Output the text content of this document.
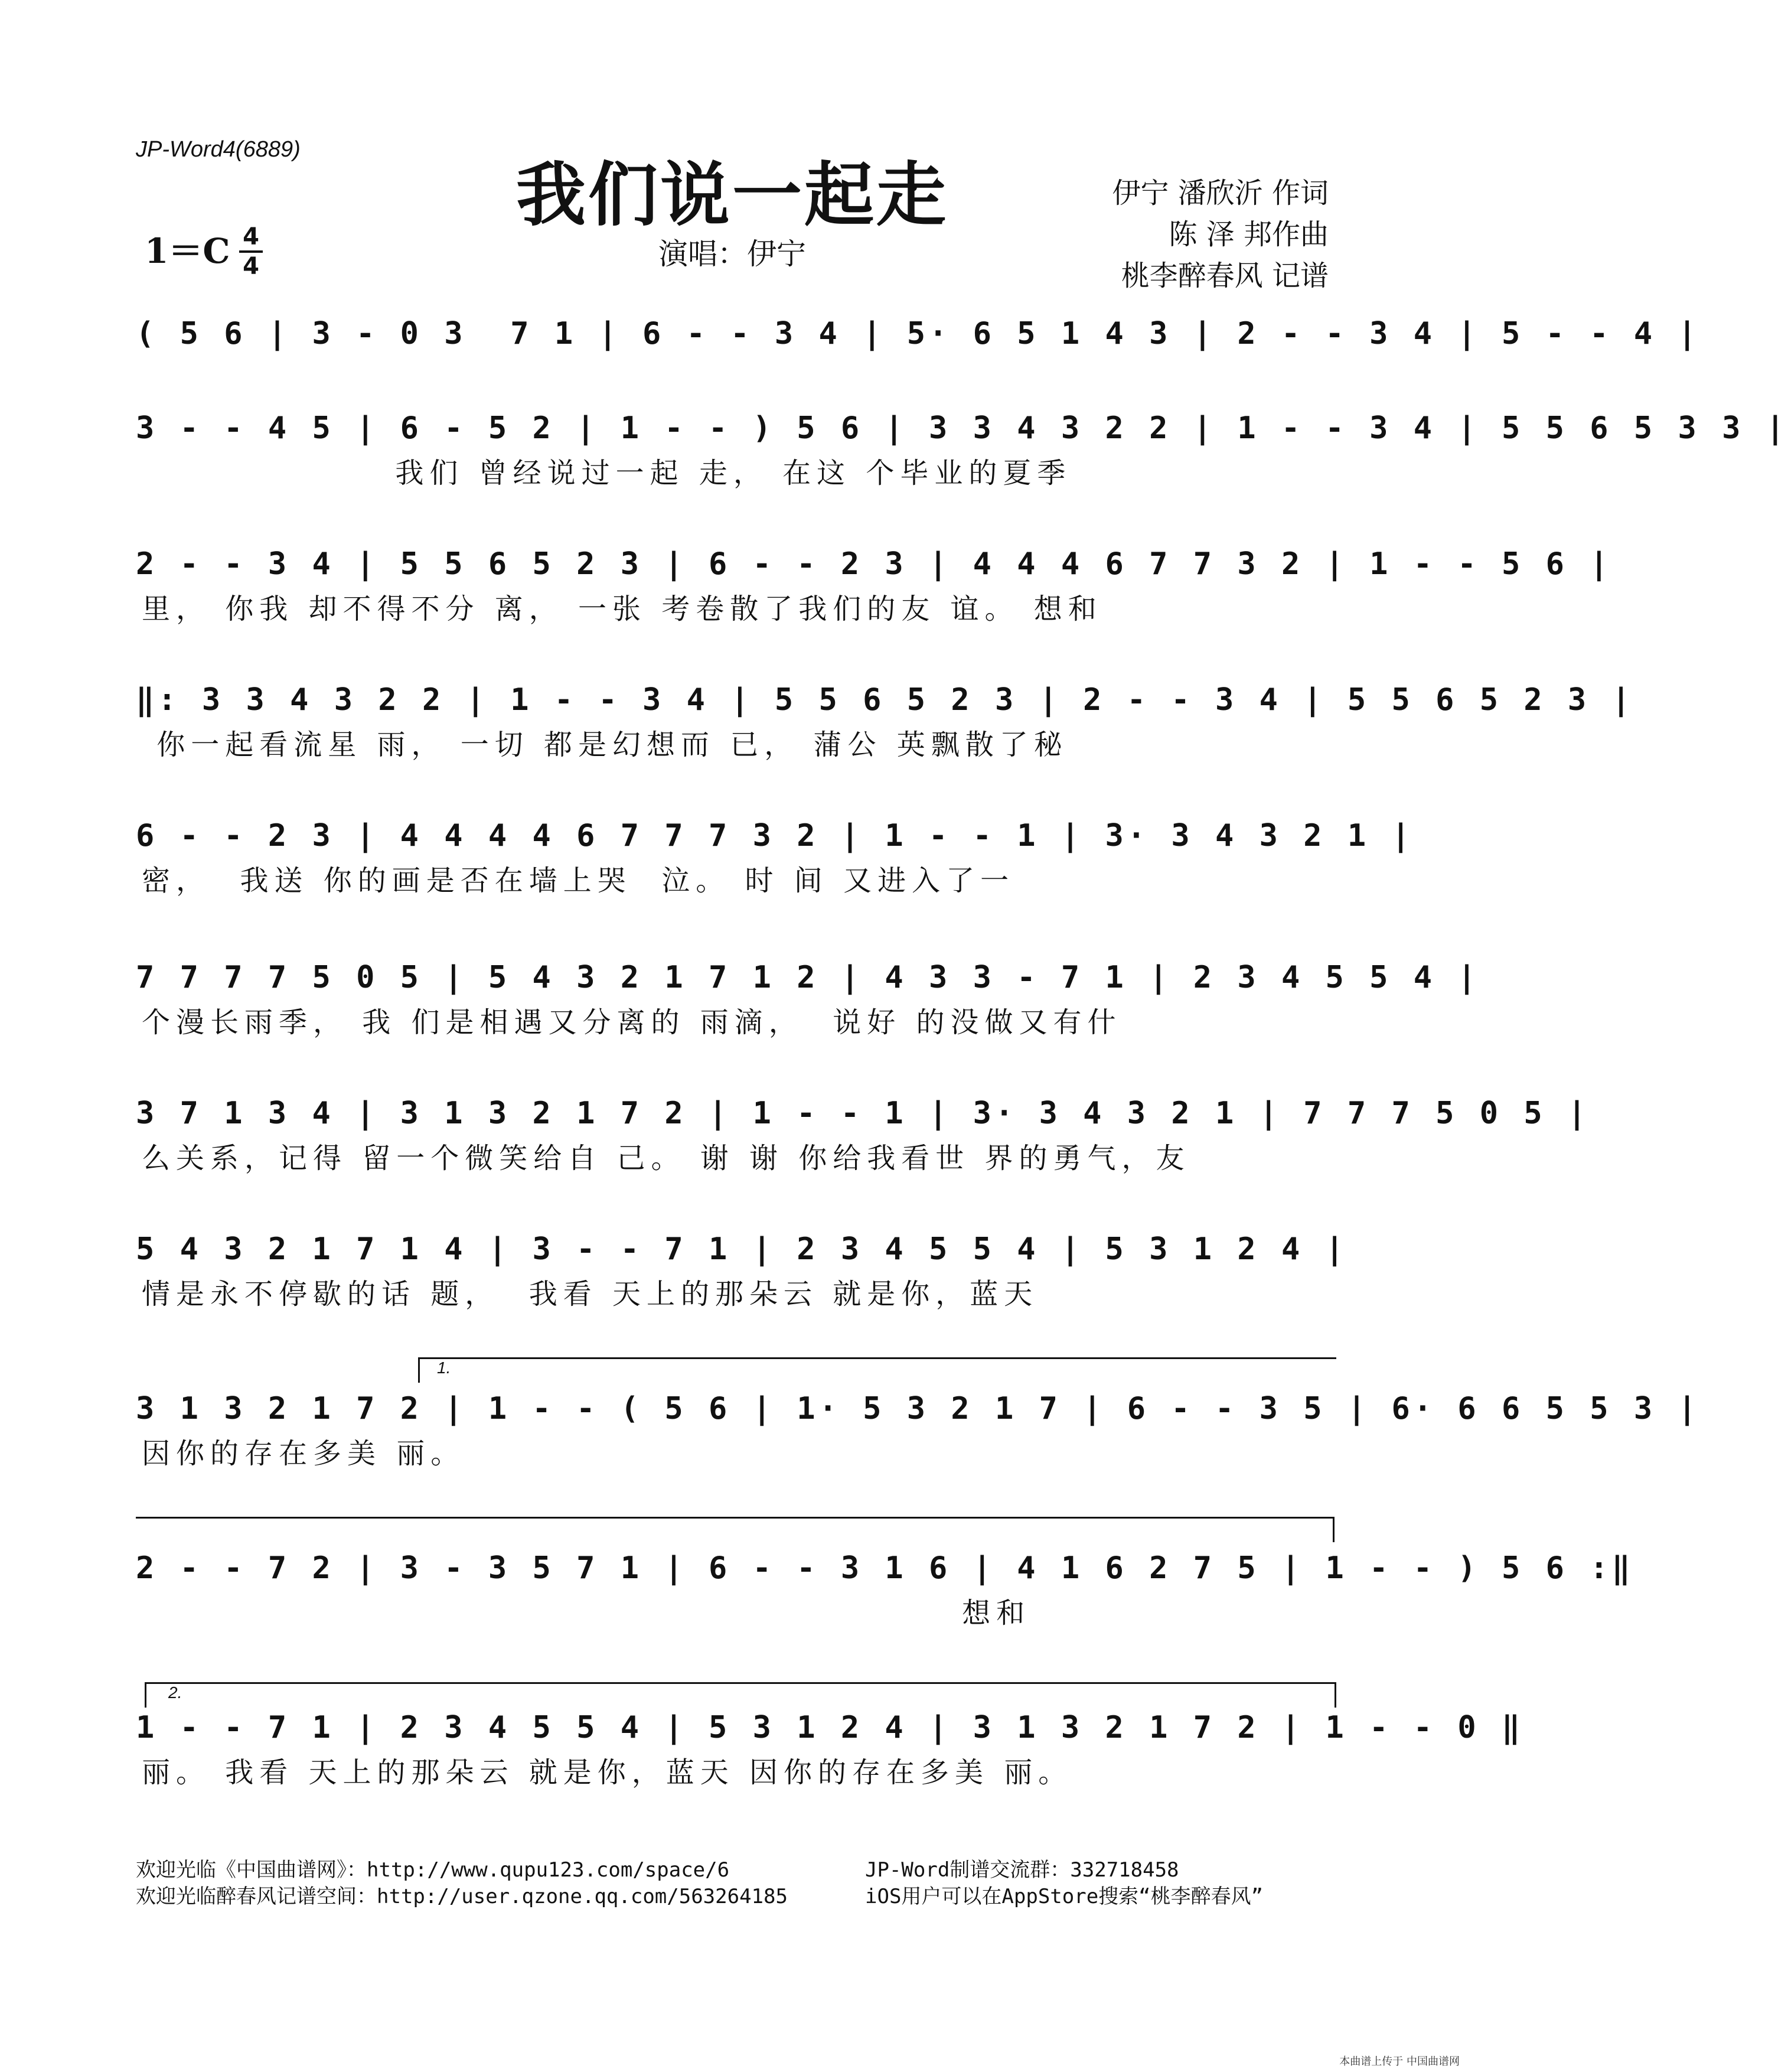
JP-Word4(6889)
我们说一起走
演唱：伊宁
1＝C 4
4
伊宁 潘欣沂 作词
陈 泽 邦作曲
桃李醉春风 记谱
( 5 6 | 3 - 0 3  7 1 | 6 - - 3 4 | 5· 6 5 1 4 3 | 2 - - 3 4 | 5 - - 4 |
3 - - 4 5 | 6 - 5 2 | 1 - - ) 5 6 | 3 3 4 3 2 2 | 1 - - 3 4 | 5 5 6 5 3 3 |
我们 曾经说过一起 走， 在这 个毕业的夏季
2 - - 3 4 | 5 5 6 5 2 3 | 6 - - 2 3 | 4 4 4 6 7 7 3 2 | 1 - - 5 6 |
里， 你我 却不得不分 离， 一张 考卷散了我们的友 谊。 想和
‖: 3 3 4 3 2 2 | 1 - - 3 4 | 5 5 6 5 2 3 | 2 - - 3 4 | 5 5 6 5 2 3 |
你一起看流星 雨， 一切 都是幻想而 已， 蒲公 英飘散了秘
6 - - 2 3 | 4 4 4 4 6 7 7 7 3 2 | 1 - - 1 | 3· 3 4 3 2 1 |
密，  我送 你的画是否在墙上哭  泣。 时 间 又进入了一
7 7 7 7 5 0 5 | 5 4 3 2 1 7 1 2 | 4 3 3 - 7 1 | 2 3 4 5 5 4 |
个漫长雨季， 我 们是相遇又分离的 雨滴，  说好 的没做又有什
3 7 1 3 4 | 3 1 3 2 1 7 2 | 1 - - 1 | 3· 3 4 3 2 1 | 7 7 7 5 0 5 |
么关系，记得 留一个微笑给自 己。 谢 谢 你给我看世 界的勇气，友
5 4 3 2 1 7 1 4 | 3 - - 7 1 | 2 3 4 5 5 4 | 5 3 1 2 4 |
情是永不停歇的话 题，  我看 天上的那朵云 就是你，蓝天
1.
3 1 3 2 1 7 2 | 1 - - ( 5 6 | 1· 5 3 2 1 7 | 6 - - 3 5 | 6· 6 6 5 5 3 |
因你的存在多美 丽。
2 - - 7 2 | 3 - 3 5 7 1 | 6 - - 3 1 6 | 4 1 6 2 7 5 | 1 - - ) 5 6 :‖
想和
2.
1 - - 7 1 | 2 3 4 5 5 4 | 5 3 1 2 4 | 3 1 3 2 1 7 2 | 1 - - 0 ‖
丽。 我看 天上的那朵云 就是你，蓝天 因你的存在多美 丽。
欢迎光临《中国曲谱网》：http://www.qupu123.com/space/6
欢迎光临醉春风记谱空间：http://user.qzone.qq.com/563264185
JP-Word制谱交流群：332718458
iOS用户可以在AppStore搜索“桃李醉春风”
本曲谱上传于 中国曲谱网
